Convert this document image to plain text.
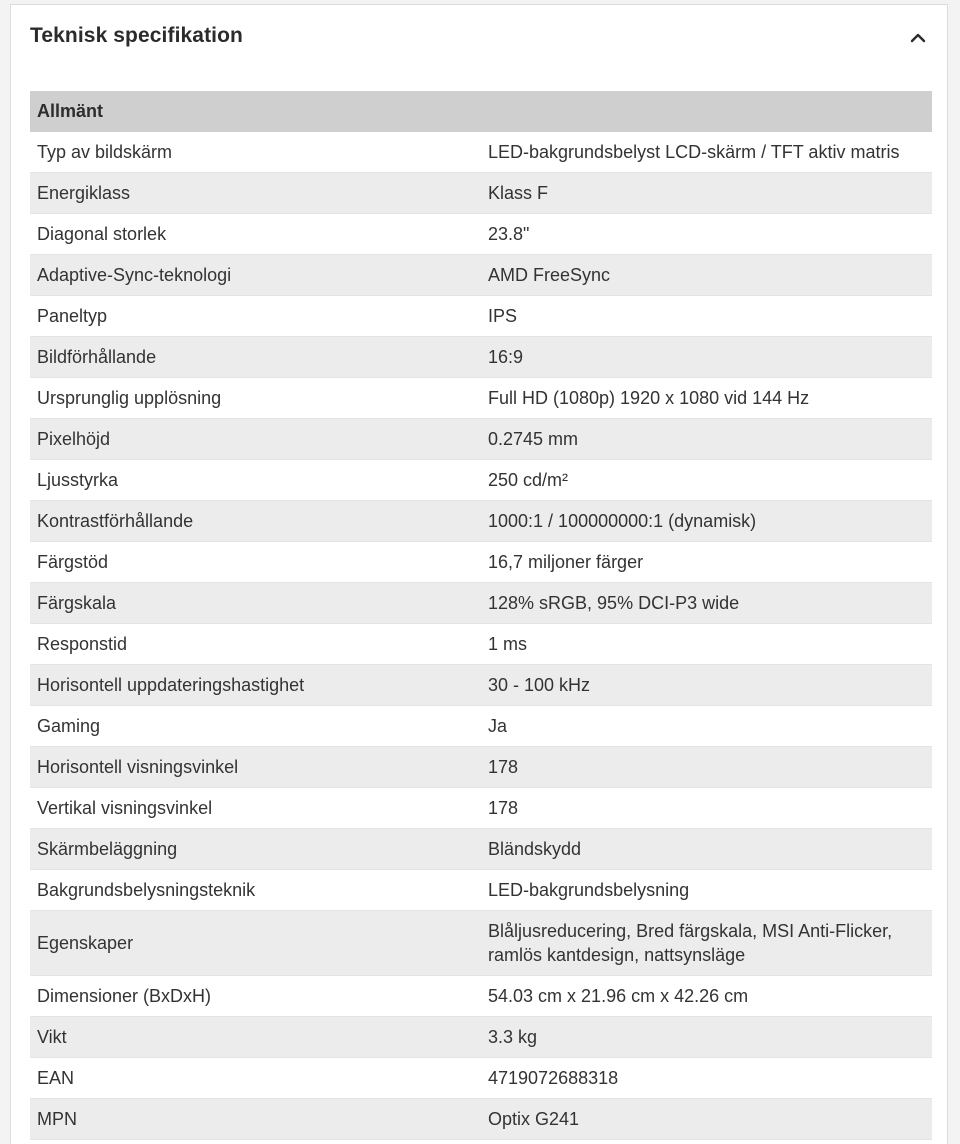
Teknisk specifikation
Allmänt	
Typ av bildskärm	LED-bakgrundsbelyst LCD-skärm / TFT aktiv matris
Energiklass	Klass F
Diagonal storlek	23.8"
Adaptive-Sync-teknologi	AMD FreeSync
Paneltyp	IPS
Bildförhållande	16:9
Ursprunglig upplösning	Full HD (1080p) 1920 x 1080 vid 144 Hz
Pixelhöjd	0.2745 mm
Ljusstyrka	250 cd/m²
Kontrastförhållande	1000:1 / 100000000:1 (dynamisk)
Färgstöd	16,7 miljoner färger
Färgskala	128% sRGB, 95% DCI-P3 wide
Responstid	1 ms
Horisontell uppdateringshastighet	30 - 100 kHz
Gaming	Ja
Horisontell visningsvinkel	178
Vertikal visningsvinkel	178
Skärmbeläggning	Bländskydd
Bakgrundsbelysningsteknik	LED-bakgrundsbelysning
Egenskaper	Blåljusreducering, Bred färgskala, MSI Anti-Flicker, ramlös kantdesign, nattsynsläge
Dimensioner (BxDxH)	54.03 cm x 21.96 cm x 42.26 cm
Vikt	3.3 kg
EAN	4719072688318
MPN	Optix G241
